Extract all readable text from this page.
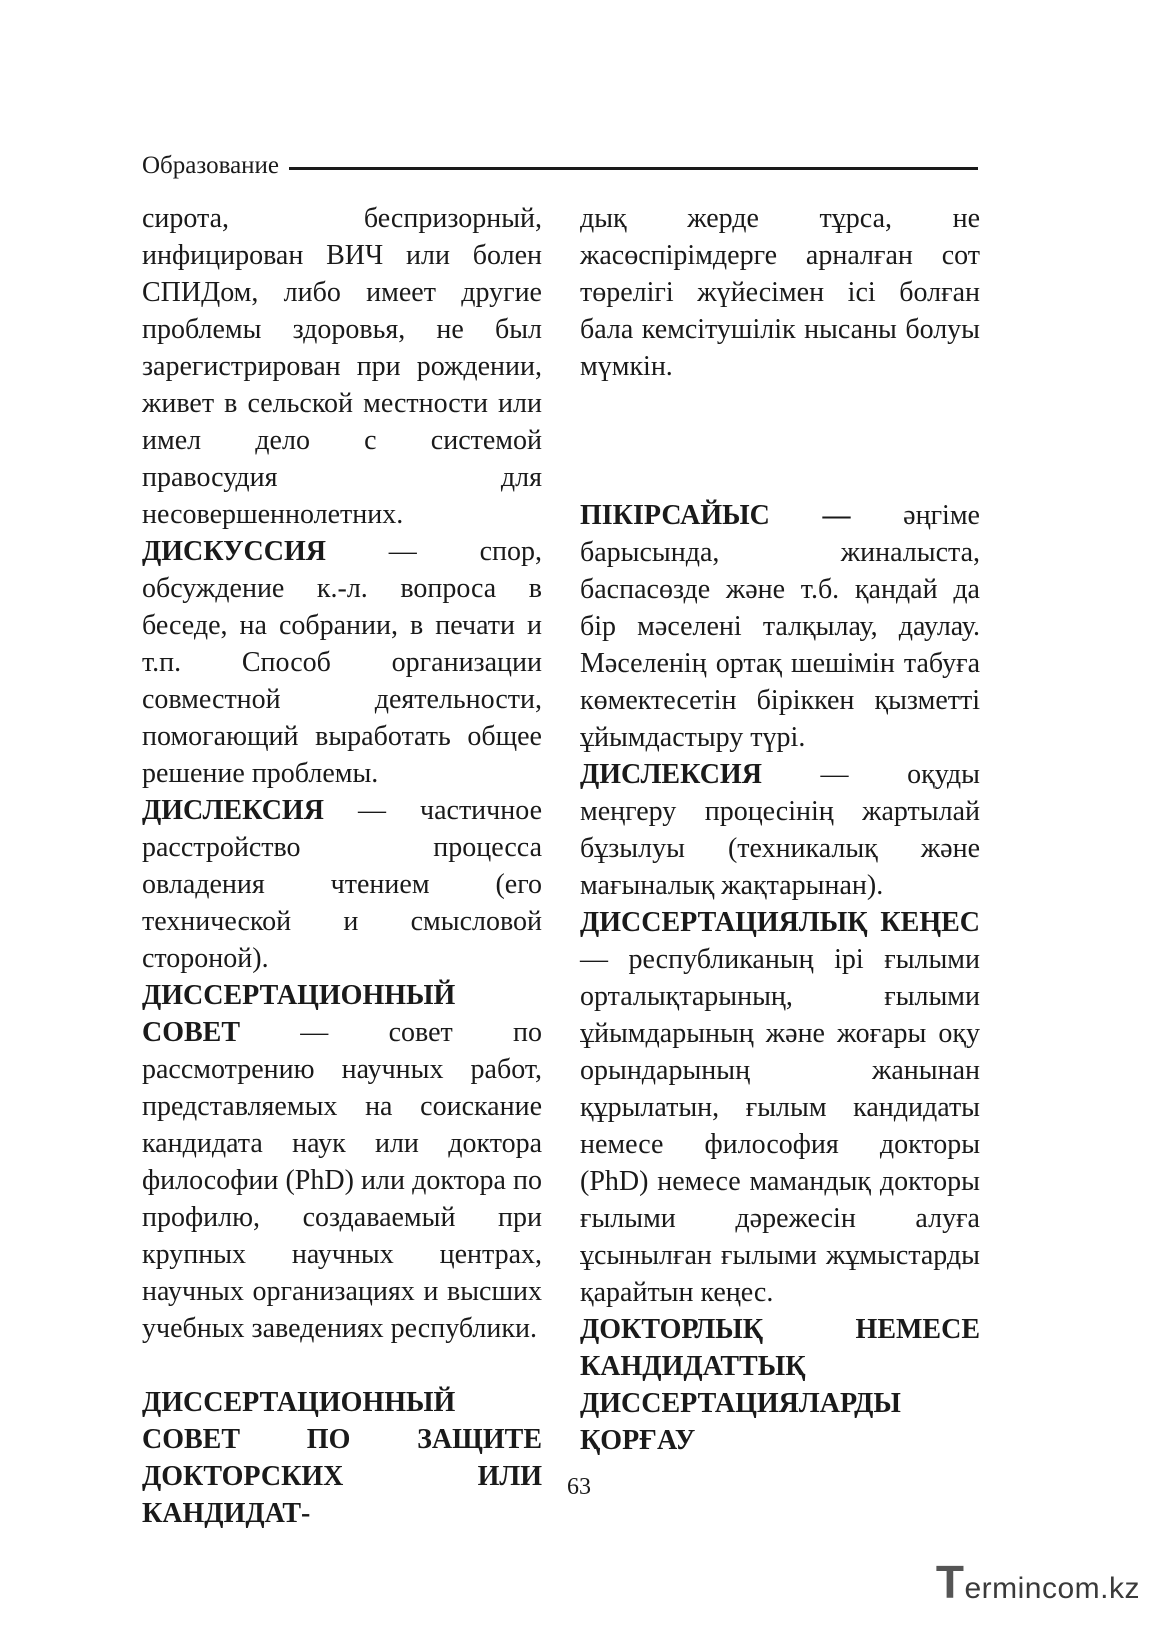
Образование

сирота, беспризорный, инфицирован ВИЧ или болен СПИДом, либо имеет другие проблемы здоровья, не был зарегистрирован при рождении, живет в сельской местности или имел дело с системой правосудия для несовершеннолетних.

ДИСКУССИЯ — спор, обсуждение к.-л. вопроса в беседе, на собрании, в печати и т.п. Способ организации совместной деятельности, помогающий выработать общее решение проблемы.

ДИСЛЕКСИЯ — частичное расстройство процесса овладения чтением (его технической и смысловой стороной).

ДИССЕРТАЦИОННЫЙ СОВЕТ — совет по рассмотрению научных работ, представляемых на соискание кандидата наук или доктора философии (PhD) или доктора по профилю, создаваемый при крупных научных центрах, научных организациях и высших учебных заведениях республики.

ДИССЕРТАЦИОННЫЙ СОВЕТ ПО ЗАЩИТЕ ДОКТОРСКИХ ИЛИ КАНДИДАТ-

дық жерде тұрса, не жасөспірімдерге арналған сот төрелігі жүйесімен ісі болған бала кемсітушілік нысаны болуы мүмкін.

ПІКІРСАЙЫС — әңгіме барысында, жиналыста, баспасөзде және т.б. қандай да бір мәселені талқылау, даулау. Мәселенің ортақ шешімін табуға көмектесетін біріккен қызметті ұйымдастыру түрі.

ДИСЛЕКСИЯ — оқуды меңгеру процесінің жартылай бұзылуы (техникалық және мағыналық жақтарынан).

ДИССЕРТАЦИЯЛЫҚ КЕҢЕС — республиканың ірі ғылыми орталықтарының, ғылыми ұйымдарының және жоғары оқу орындарының жанынан құрылатын, ғылым кандидаты немесе философия докторы (PhD) немесе мамандық докторы ғылыми дәрежесін алуға ұсынылған ғылыми жұмыстарды қарайтын кеңес.

ДОКТОРЛЫҚ НЕМЕСЕ КАНДИДАТТЫҚ ДИССЕРТАЦИЯЛАРДЫ ҚОРҒАУ

63
Termincom.kz
